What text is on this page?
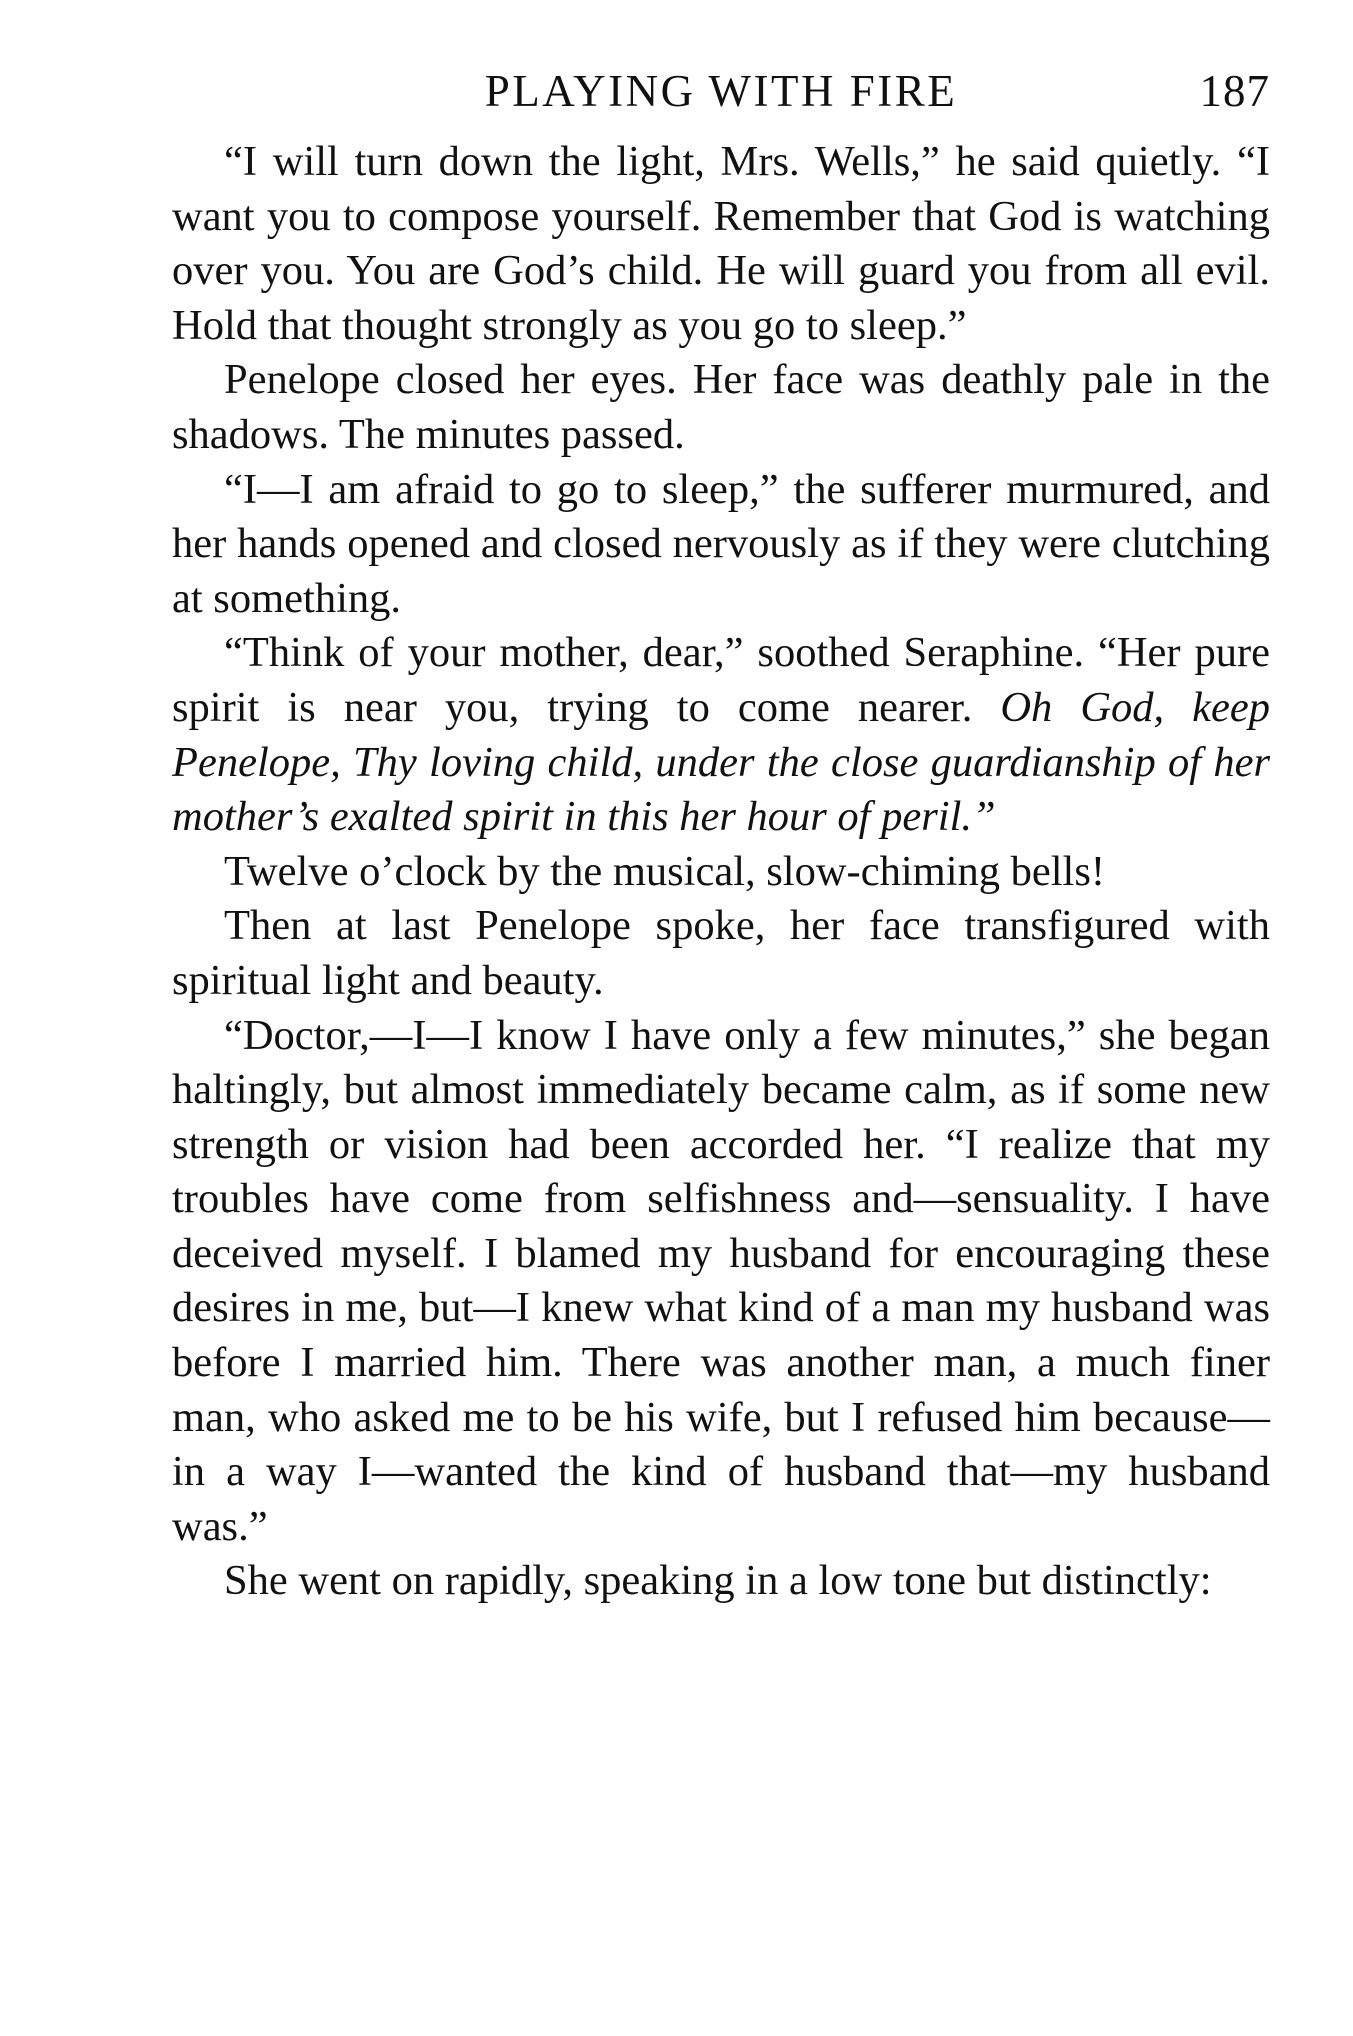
PLAYING WITH FIRE	187

“I will turn down the light, Mrs. Wells,” he said quietly. “I want you to compose yourself. Remember that God is watching over you. You are God’s child. He will guard you from all evil. Hold that thought strongly as you go to sleep.”

Penelope closed her eyes. Her face was deathly pale in the shadows. The minutes passed.

“I—I am afraid to go to sleep,” the sufferer murmured, and her hands opened and closed nervously as if they were clutching at something.

“Think of your mother, dear,” soothed Seraphine. “Her pure spirit is near you, trying to come nearer. Oh God, keep Penelope, Thy loving child, under the close guardianship of her mother’s exalted spirit in this her hour of peril.”

Twelve o’clock by the musical, slow-chiming bells!

Then at last Penelope spoke, her face transfigured with spiritual light and beauty.

“Doctor,—I—I know I have only a few minutes,” she began haltingly, but almost immediately became calm, as if some new strength or vision had been accorded her. “I realize that my troubles have come from selfishness and—sensuality. I have deceived myself. I blamed my husband for encouraging these desires in me, but—I knew what kind of a man my husband was before I married him. There was another man, a much finer man, who asked me to be his wife, but I refused him because—in a way I—wanted the kind of husband that—my husband was.”

She went on rapidly, speaking in a low tone but distinctly:
